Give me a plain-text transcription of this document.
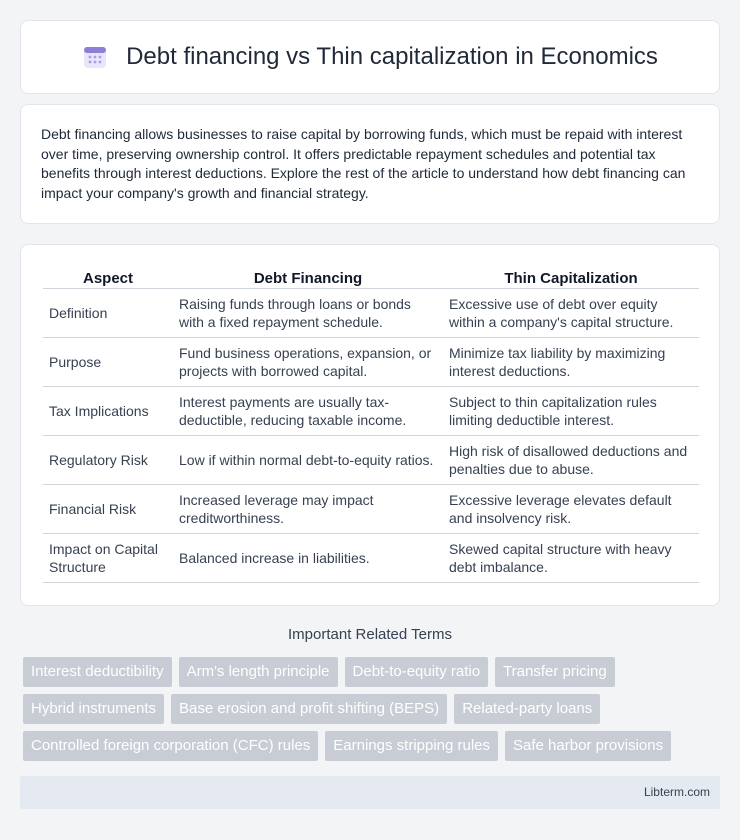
Debt financing vs Thin capitalization in Economics

Debt financing allows businesses to raise capital by borrowing funds, which must be repaid with interest over time, preserving ownership control. It offers predictable repayment schedules and potential tax benefits through interest deductions. Explore the rest of the article to understand how debt financing can impact your company's growth and financial strategy.

Aspect	Debt Financing	Thin Capitalization
Definition	Raising funds through loans or bonds with a fixed repayment schedule.	Excessive use of debt over equity within a company's capital structure.
Purpose	Fund business operations, expansion, or projects with borrowed capital.	Minimize tax liability by maximizing interest deductions.
Tax Implications	Interest payments are usually tax-deductible, reducing taxable income.	Subject to thin capitalization rules limiting deductible interest.
Regulatory Risk	Low if within normal debt-to-equity ratios.	High risk of disallowed deductions and penalties due to abuse.
Financial Risk	Increased leverage may impact creditworthiness.	Excessive leverage elevates default and insolvency risk.
Impact on Capital Structure	Balanced increase in liabilities.	Skewed capital structure with heavy debt imbalance.
Important Related Terms
Interest deductibility	Arm's length principle	Debt-to-equity ratio	Transfer pricing
Hybrid instruments	Base erosion and profit shifting (BEPS)	Related-party loans
Controlled foreign corporation (CFC) rules	Earnings stripping rules	Safe harbor provisions
Libterm.com
